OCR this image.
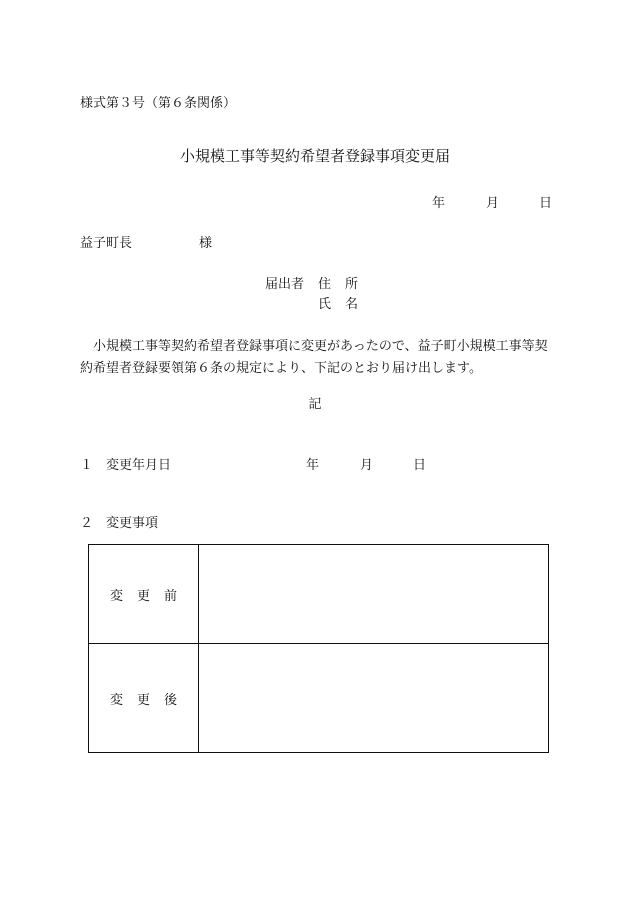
様式第３号（第６条関係）
小規模工事等契約希望者登録事項変更届
年	月	日
益子町長	様
届出者 住 所
氏 名
小規模工事等契約希望者登録事項に変更があったので、益子町小規模工事等契約希望者登録要領第６条の規定により、下記のとおり届け出します。
記
１ 変更年月日	年	月	日
２ 変更事項
変 更 前	
変 更 後	
